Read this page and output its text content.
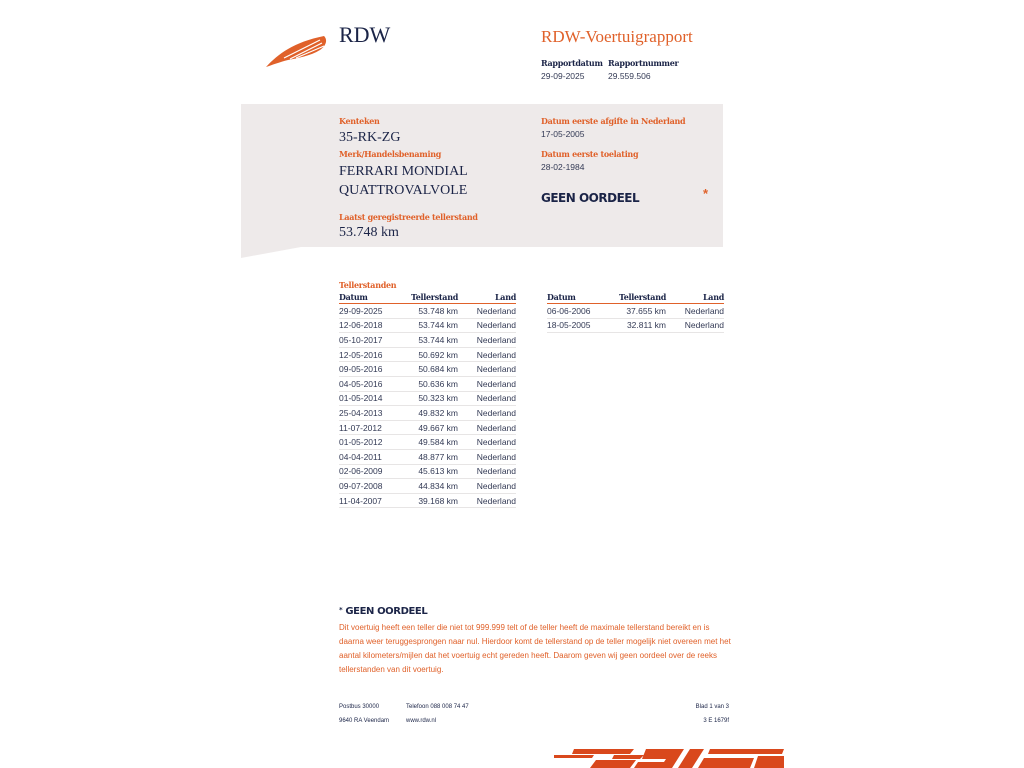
RDW	RDW-Voertuigrapport
Rapportdatum
29-09-2025
Rapportnummer
29.559.506
Kenteken
35-RK-ZG
Merk/Handelsbenaming
FERRARI MONDIAL
QUATTROVALVOLE
Laatst geregistreerde tellerstand
53.748 km
Datum eerste afgifte in Nederland
17-05-2005
Datum eerste toelating
28-02-1984
GEEN OORDEEL	*
Tellerstanden
Datum	Tellerstand	Land
29-09-2025	53.748 km	Nederland
12-06-2018	53.744 km	Nederland
05-10-2017	53.744 km	Nederland
12-05-2016	50.692 km	Nederland
09-05-2016	50.684 km	Nederland
04-05-2016	50.636 km	Nederland
01-05-2014	50.323 km	Nederland
25-04-2013	49.832 km	Nederland
11-07-2012	49.667 km	Nederland
01-05-2012	49.584 km	Nederland
04-04-2011	48.877 km	Nederland
02-06-2009	45.613 km	Nederland
09-07-2008	44.834 km	Nederland
11-04-2007	39.168 km	Nederland
Datum	Tellerstand	Land
06-06-2006	37.655 km	Nederland
18-05-2005	32.811 km	Nederland
* GEEN OORDEEL
Dit voertuig heeft een teller die niet tot 999.999 telt of de teller heeft de maximale tellerstand bereikt en is daarna weer teruggesprongen naar nul. Hierdoor komt de tellerstand op de teller mogelijk niet overeen met het aantal kilometers/mijlen dat het voertuig echt gereden heeft. Daarom geven wij geen oordeel over de reeks tellerstanden van dit voertuig.
Postbus 30000
9640 RA Veendam
Telefoon 088 008 74 47
www.rdw.nl
Blad 1 van 3
3 E 1679f
